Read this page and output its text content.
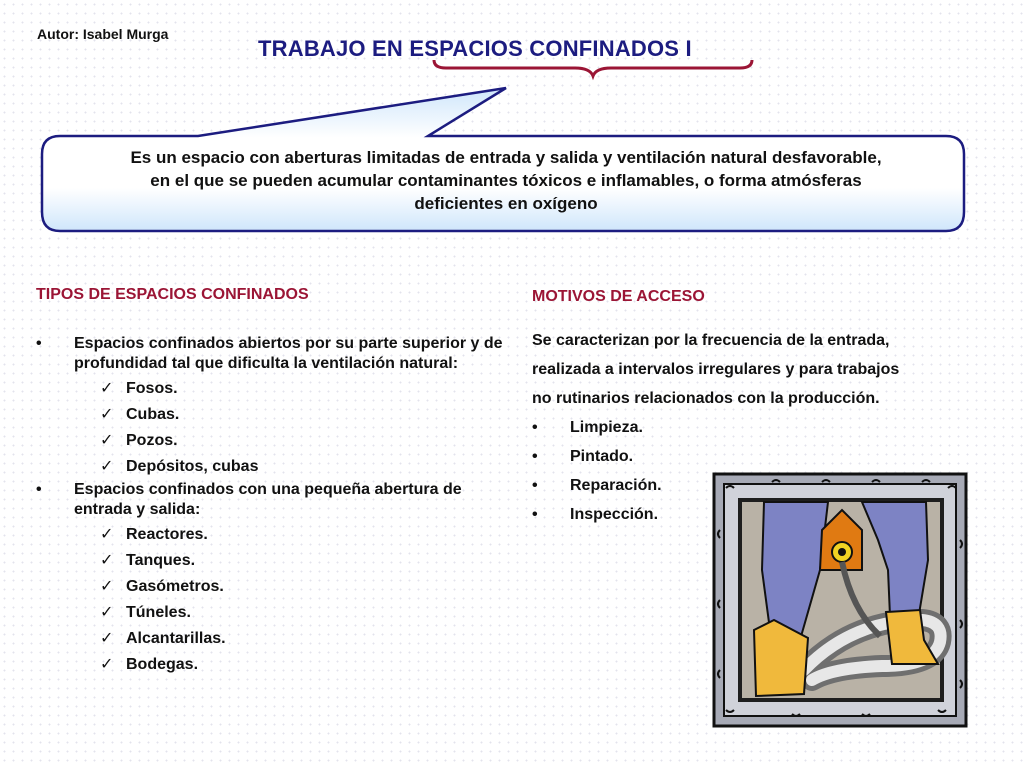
Autor: Isabel Murga
TRABAJO EN ESPACIOS CONFINADOS I
Es un espacio con aberturas limitadas de entrada y salida y ventilación natural desfavorable,
en el que se pueden acumular contaminantes tóxicos e inflamables, o forma atmósferas
deficientes en oxígeno
TIPOS DE ESPACIOS CONFINADOS
• Espacios confinados abiertos por su parte superior y de profundidad tal que dificulta la ventilación natural:
✓ Fosos.
✓ Cubas.
✓ Pozos.
✓ Depósitos, cubas
• Espacios confinados con una pequeña abertura de entrada y salida:
✓ Reactores.
✓ Tanques.
✓ Gasómetros.
✓ Túneles.
✓ Alcantarillas.
✓ Bodegas.
MOTIVOS DE ACCESO
Se caracterizan por la frecuencia de la entrada,
realizada a intervalos irregulares y para trabajos
no rutinarios relacionados con la producción.
• Limpieza.
• Pintado.
• Reparación.
• Inspección.
